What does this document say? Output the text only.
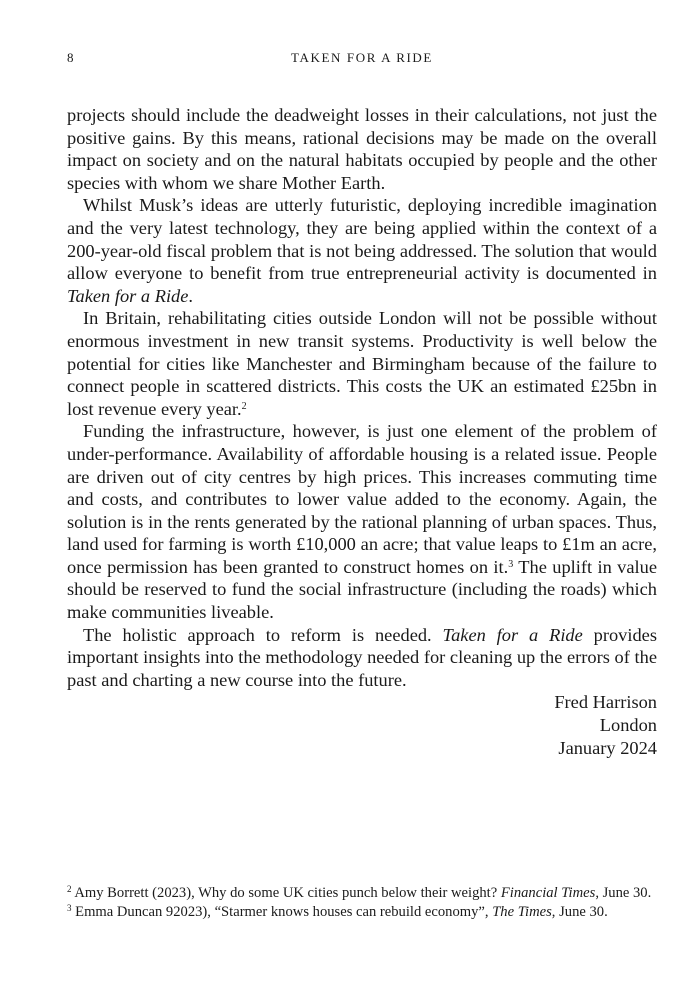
8	TAKEN FOR A RIDE

projects should include the deadweight losses in their calculations, not just the positive gains. By this means, rational decisions may be made on the overall impact on society and on the natural habitats occupied by people and the other species with whom we share Mother Earth.

Whilst Musk’s ideas are utterly futuristic, deploying incredible imagination and the very latest technology, they are being applied within the context of a 200-year-old fiscal problem that is not being addressed. The solution that would allow everyone to benefit from true entrepreneurial activity is documented in Taken for a Ride.

In Britain, rehabilitating cities outside London will not be possible without enormous investment in new transit systems. Productivity is well below the potential for cities like Manchester and Birmingham because of the failure to connect people in scattered districts. This costs the UK an estimated £25bn in lost revenue every year.$^2$

Funding the infrastructure, however, is just one element of the problem of under-performance. Availability of affordable housing is a related issue. People are driven out of city centres by high prices. This increases commuting time and costs, and contributes to lower value added to the economy. Again, the solution is in the rents generated by the rational planning of urban spaces. Thus, land used for farming is worth £10,000 an acre; that value leaps to £1m an acre, once permission has been granted to construct homes on it.$^3$ The uplift in value should be reserved to fund the social infrastructure (including the roads) which make communities liveable.

The holistic approach to reform is needed. Taken for a Ride provides important insights into the methodology needed for cleaning up the errors of the past and charting a new course into the future.

Fred Harrison
London
January 2024

$^2$ Amy Borrett (2023), Why do some UK cities punch below their weight? Financial Times, June 30.

$^3$ Emma Duncan 92023), “Starmer knows houses can rebuild economy”, The Times, June 30.
